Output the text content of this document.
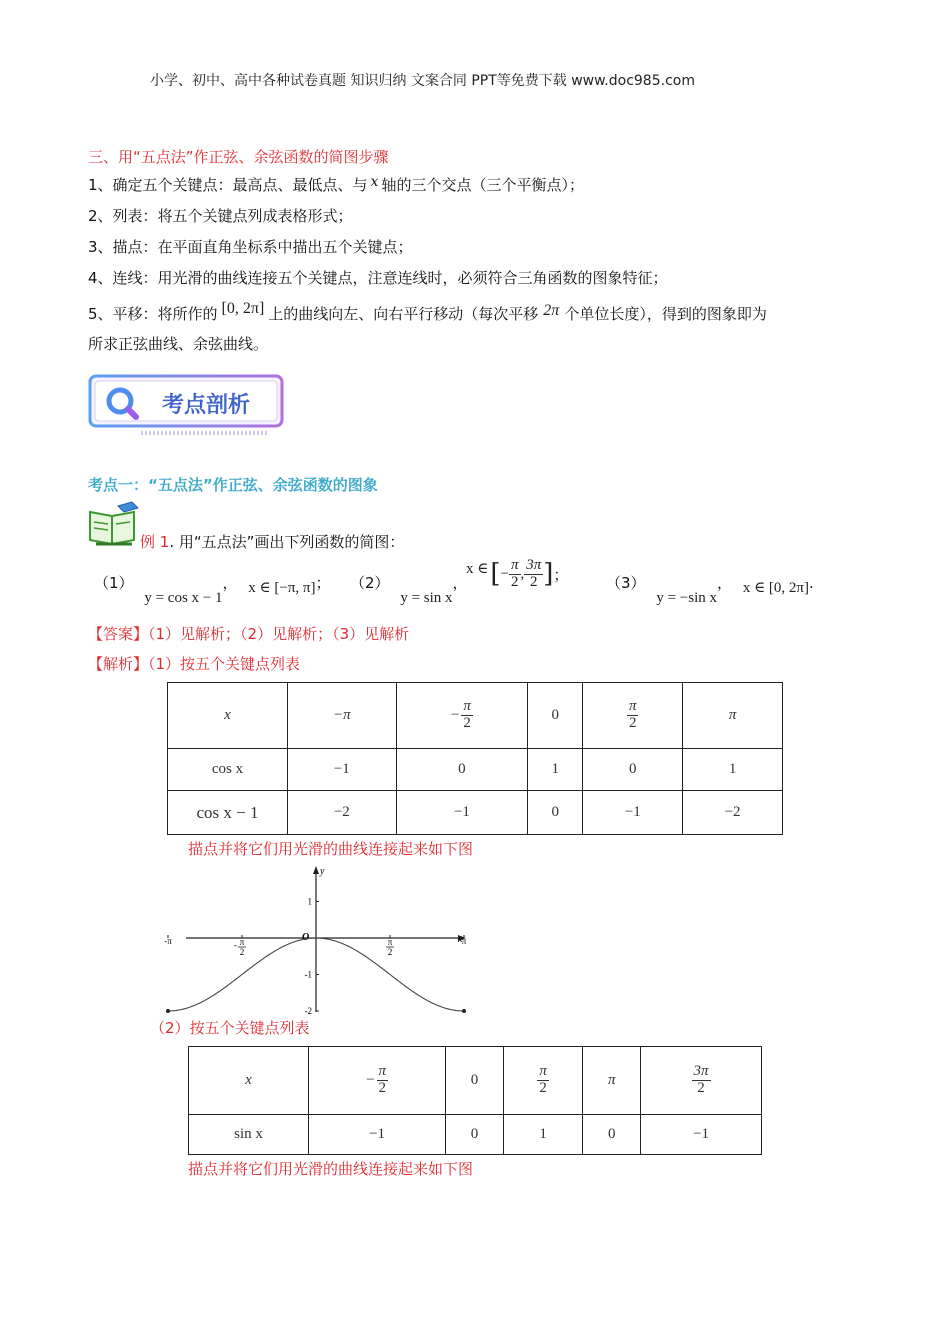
小学、初中、高中各种试卷真题 知识归纳 文案合同 PPT等免费下载 www.doc985.com
三、用“五点法”作正弦、余弦函数的简图步骤
1、确定五个关键点：最高点、最低点、与 x 轴的三个交点（三个平衡点）；
2、列表：将五个关键点列成表格形式；
3、描点：在平面直角坐标系中描出五个关键点；
4、连线：用光滑的曲线连接五个关键点，注意连线时，必须符合三角函数的图象特征；
5、平移：将所作的 [0, 2π] 上的曲线向左、向右平行移动（每次平移 2π 个单位长度），得到的图象即为
所求正弦曲线、余弦曲线。
考点剖析
考点一：“五点法”作正弦、余弦函数的图象
例 1. 用“五点法”画出下列函数的简图：
（1） y = cos x − 1， x ∈ [−π, π]； （2） y = sin x，
x ∈ [ − $\frac{\pi}{2}$ , $\frac{3\pi}{2}$ ] ；	（3） y = −sin x， x ∈ [0, 2π].
【答案】（1）见解析；（2）见解析；（3）见解析
【解析】（1）按五个关键点列表
x	−π	− $\frac{\pi}{2}$	0	$\frac{\pi}{2}$	π
cos x	−1	0	1	0	1
cos x − 1	−2	−1	0	−1	−2
描点并将它们用光滑的曲线连接起来如下图
y
x
O
1
-1
-2
-π	π
- π
2
π
2
（2）按五个关键点列表
x	− $\frac{\pi}{2}$	0	$\frac{\pi}{2}$	π	$\frac{3\pi}{2}$

sin x	−1	0	1	0	−1
描点并将它们用光滑的曲线连接起来如下图
